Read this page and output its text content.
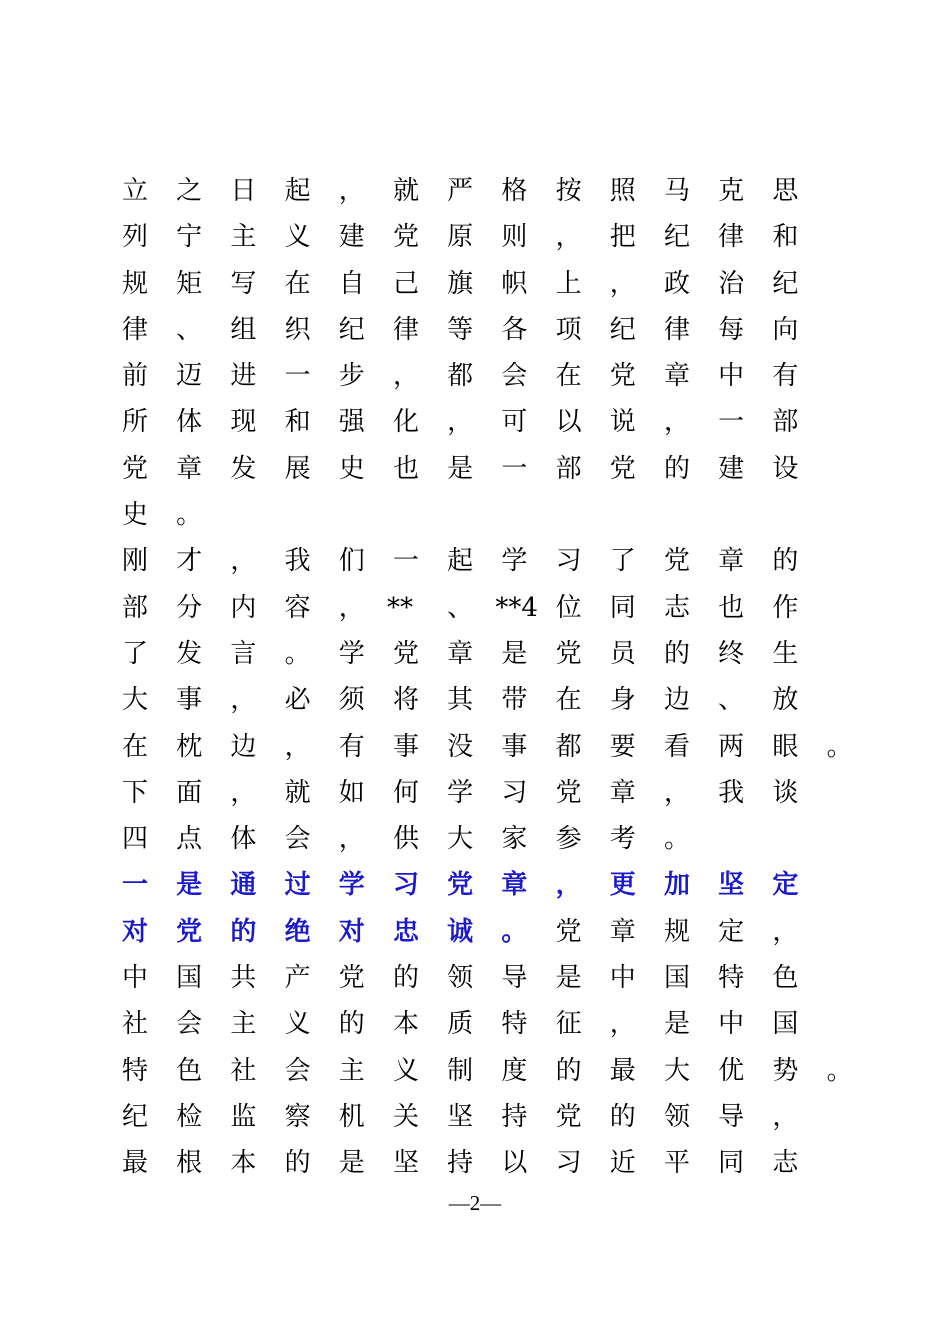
立 之 日 起 ， 就 严 格 按 照 马 克 思
列 宁 主 义 建 党 原 则 ， 把 纪 律 和
规 矩 写 在 自 己 旗 帜 上 ， 政 治 纪
律 、 组 织 纪 律 等 各 项 纪 律 每 向
前 迈 进 一 步 ， 都 会 在 党 章 中 有
所 体 现 和 强 化 ， 可 以 说 ， 一 部
党 章 发 展 史 也 是 一 部 党 的 建 设
史 。
刚 才 ， 我 们 一 起 学 习 了 党 章 的
部 分 内 容 ， ** 、 **4 位 同 志 也 作
了 发 言 。 学 党 章 是 党 员 的 终 生
大 事 ， 必 须 将 其 带 在 身 边 、 放
在 枕 边 ， 有 事 没 事 都 要 看 两 眼 。
下 面 ， 就 如 何 学 习 党 章 ， 我 谈
四 点 体 会 ， 供 大 家 参 考 。
一 是 通 过 学 习 党 章 ， 更 加 坚 定
对 党 的 绝 对 忠 诚 。 党 章 规 定 ，
中 国 共 产 党 的 领 导 是 中 国 特 色
社 会 主 义 的 本 质 特 征 ， 是 中 国
特 色 社 会 主 义 制 度 的 最 大 优 势 。
纪 检 监 察 机 关 坚 持 党 的 领 导 ，
最 根 本 的 是 坚 持 以 习 近 平 同 志
—2—
